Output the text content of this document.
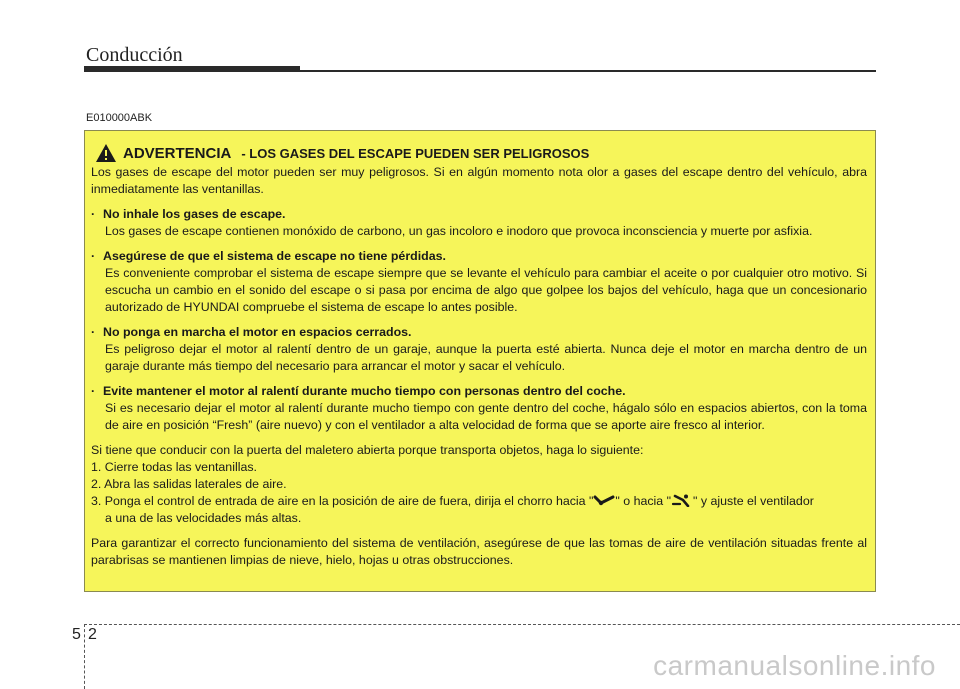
Conducción
E010000ABK
ADVERTENCIA - LOS GASES DEL ESCAPE PUEDEN SER PELIGROSOS

Los gases de escape del motor pueden ser muy peligrosos. Si en algún momento nota olor a gases del escape dentro del vehículo, abra inmediatamente las ventanillas.

· No inhale los gases de escape.

Los gases de escape contienen monóxido de carbono, un gas incoloro e inodoro que provoca inconsciencia y muerte por asfixia.

· Asegúrese de que el sistema de escape no tiene pérdidas.

Es conveniente comprobar el sistema de escape siempre que se levante el vehículo para cambiar el aceite o por cualquier otro motivo. Si escucha un cambio en el sonido del escape o si pasa por encima de algo que golpee los bajos del vehículo, haga que un concesionario autorizado de HYUNDAI compruebe el sistema de escape lo antes posible.

· No ponga en marcha el motor en espacios cerrados.

Es peligroso dejar el motor al ralentí dentro de un garaje, aunque la puerta esté abierta. Nunca deje el motor en marcha dentro de un garaje durante más tiempo del necesario para arrancar el motor y sacar el vehículo.

· Evite mantener el motor al ralentí durante mucho tiempo con personas dentro del coche.

Si es necesario dejar el motor al ralentí durante mucho tiempo con gente dentro del coche, hágalo sólo en espacios abiertos, con la toma de aire en posición “Fresh” (aire nuevo) y con el ventilador a alta velocidad de forma que se aporte aire fresco al interior.

Si tiene que conducir con la puerta del maletero abierta porque transporta objetos, haga lo siguiente:

1. Cierre todas las ventanillas.

2. Abra las salidas laterales de aire.

3. Ponga el control de entrada de aire en la posición de aire de fuera, dirija el chorro hacia " " o hacia " " y ajuste el ventilador

a una de las velocidades más altas.

Para garantizar el correcto funcionamiento del sistema de ventilación, asegúrese de que las tomas de aire de ventilación situadas frente al parabrisas se mantienen limpias de nieve, hielo, hojas u otras obstrucciones.

5 2
carmanualsonline.info
